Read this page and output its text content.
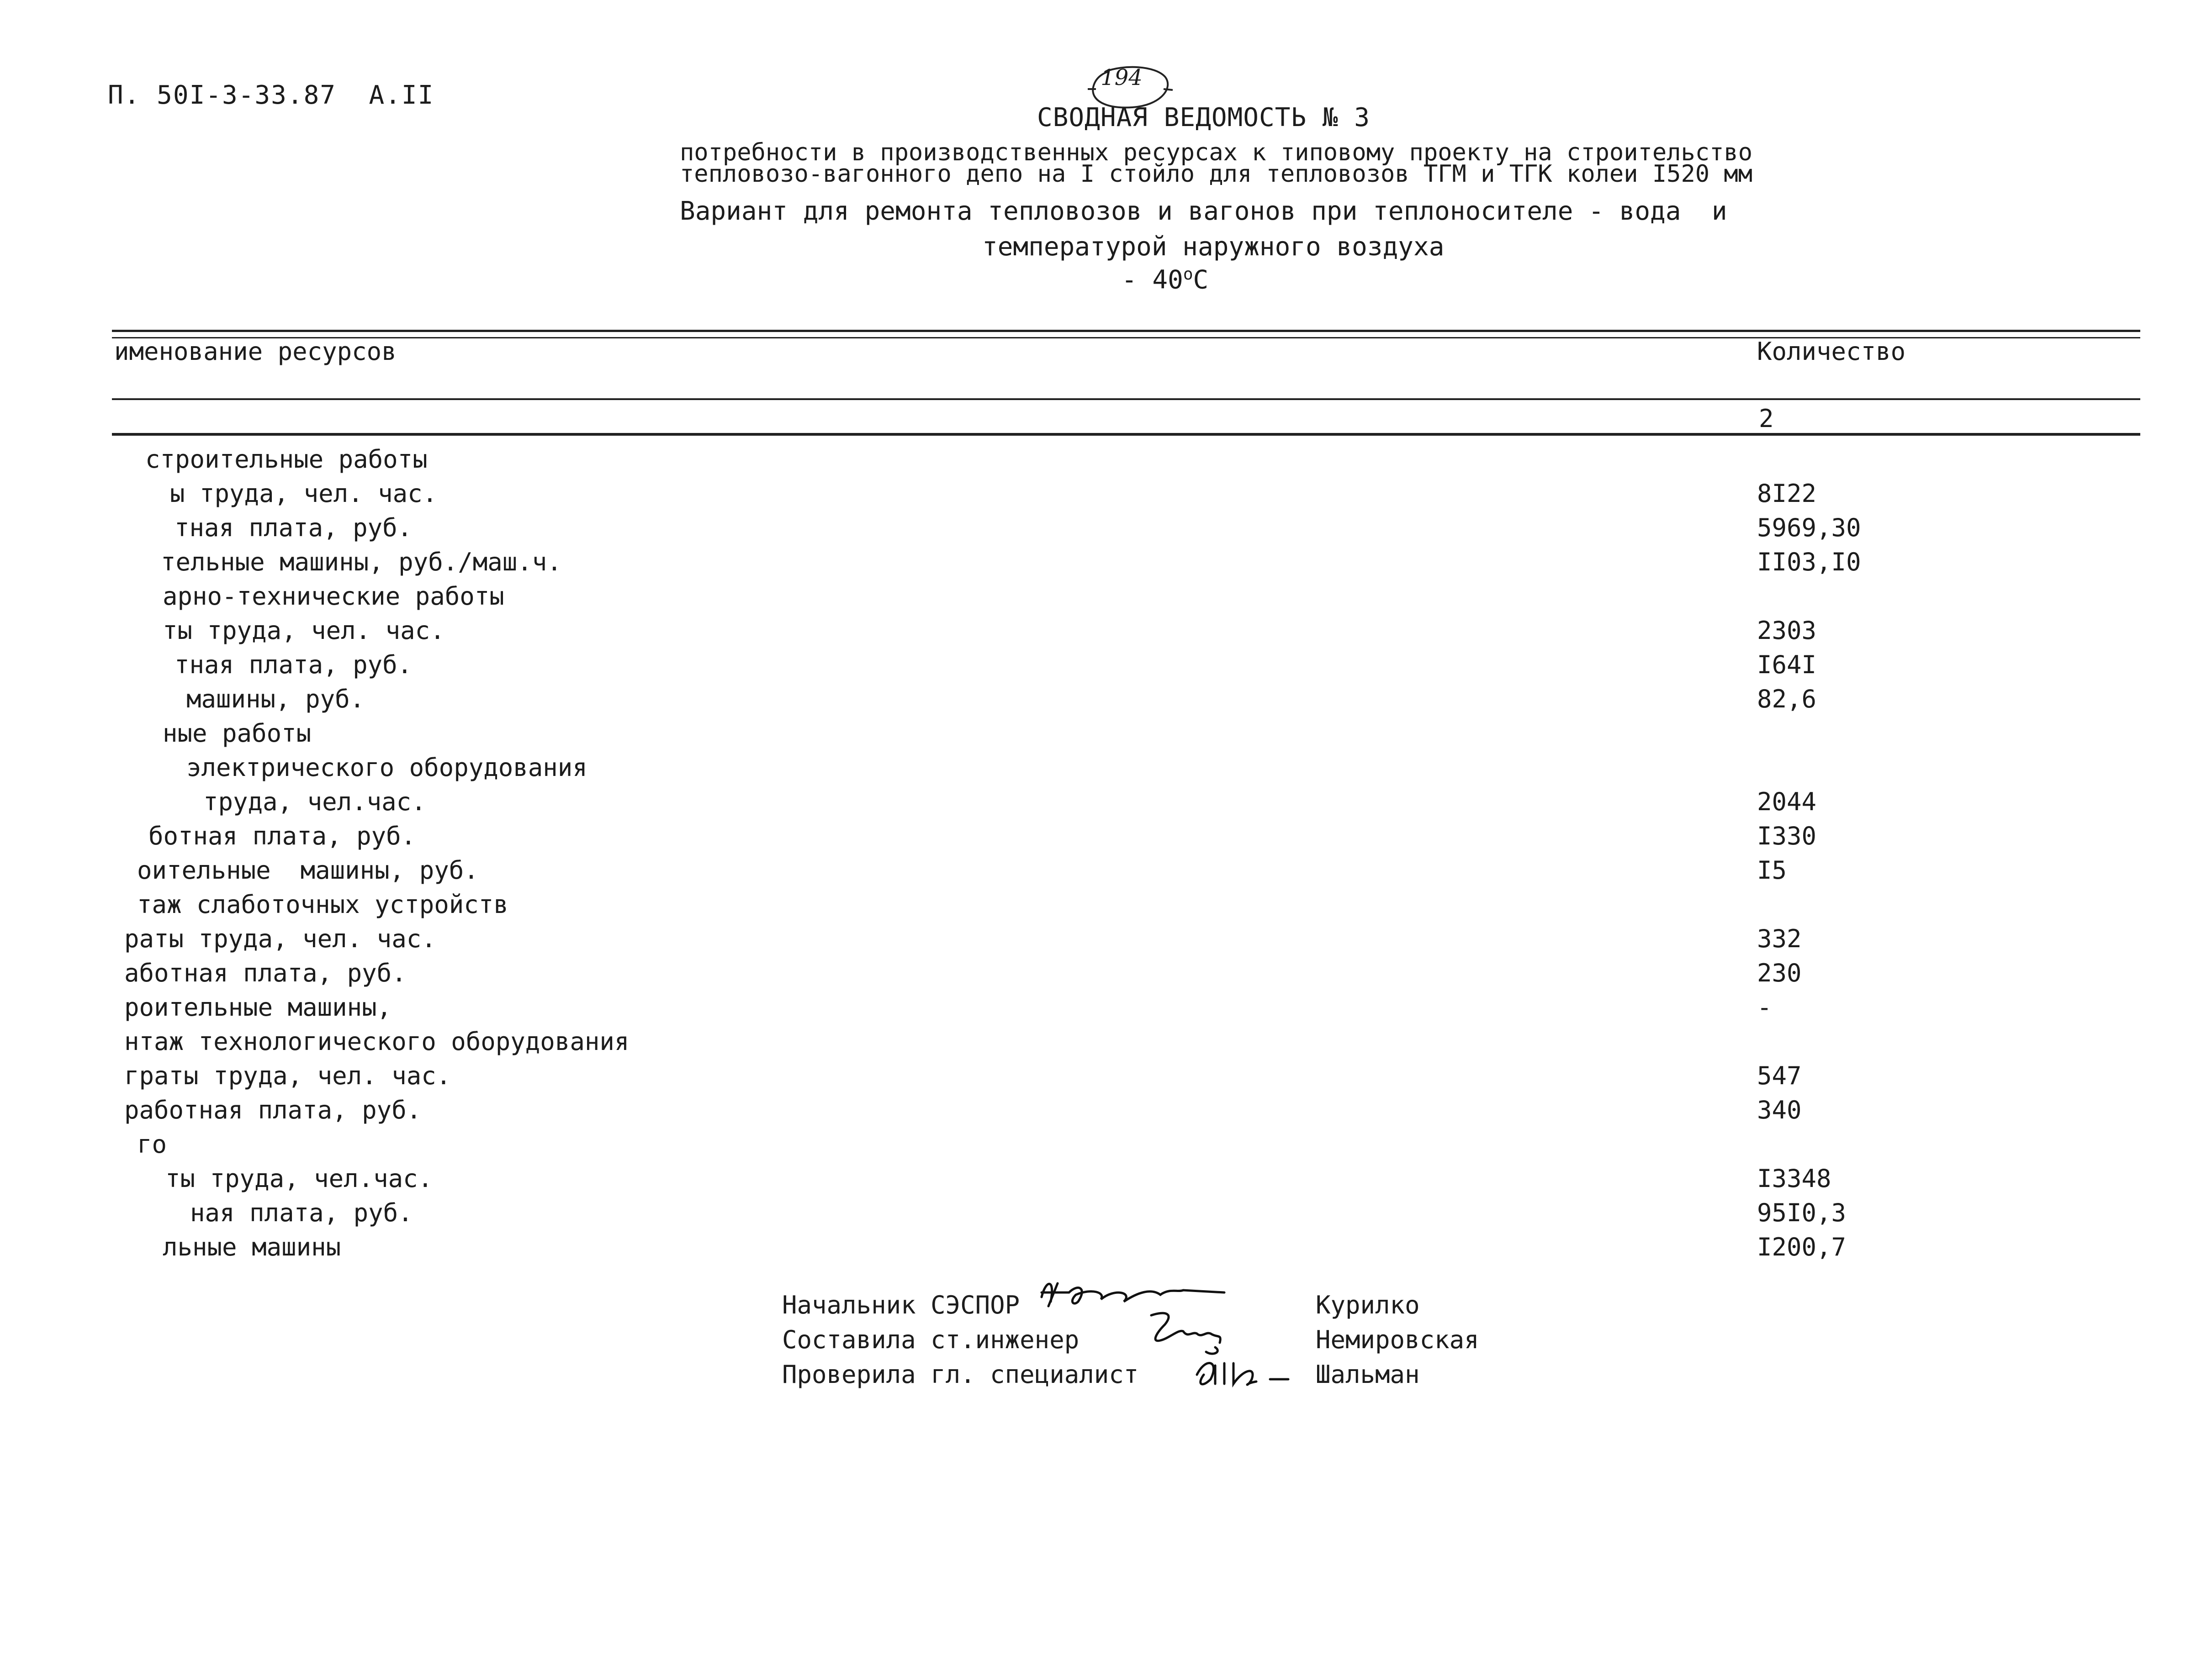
П. 50I-3-33.87  А.II

194

СВОДНАЯ ВЕДОМОСТЬ № 3
потребности в производственных ресурсах к типовому проекту на строительство
тепловозо-вагонного депо на I стойло для тепловозов ТГМ и ТГК колеи I520 мм
Вариант для ремонта тепловозов и вагонов при теплоносителе - вода  и
температурой наружного воздуха
- $40^оС$
именование ресурсов	Количество
2
строительные работы
ы труда, чел. час.	8I22
тная плата, руб.	5969,30
тельные машины, руб./маш.ч.	II03,I0
арно-технические работы
ты труда, чел. час.	2303
тная плата, руб.	I64I
машины, руб.	82,6
ные работы
электрического оборудования
труда, чел.час.	2044
ботная плата, руб.	I330
оительные  машины, руб.	I5
таж слаботочных устройств
раты труда, чел. час.	332
аботная плата, руб.	230
роительные машины,	-
нтаж технологического оборудования
граты труда, чел. час.	547
работная плата, руб.	340
го
ты труда, чел.час.	I3348
ная плата, руб.	95I0,3
льные машины	I200,7
Начальник СЭСПОР
Составила ст.инженер
Проверила гл. специалист
Курилко
Немировская
Шальман
